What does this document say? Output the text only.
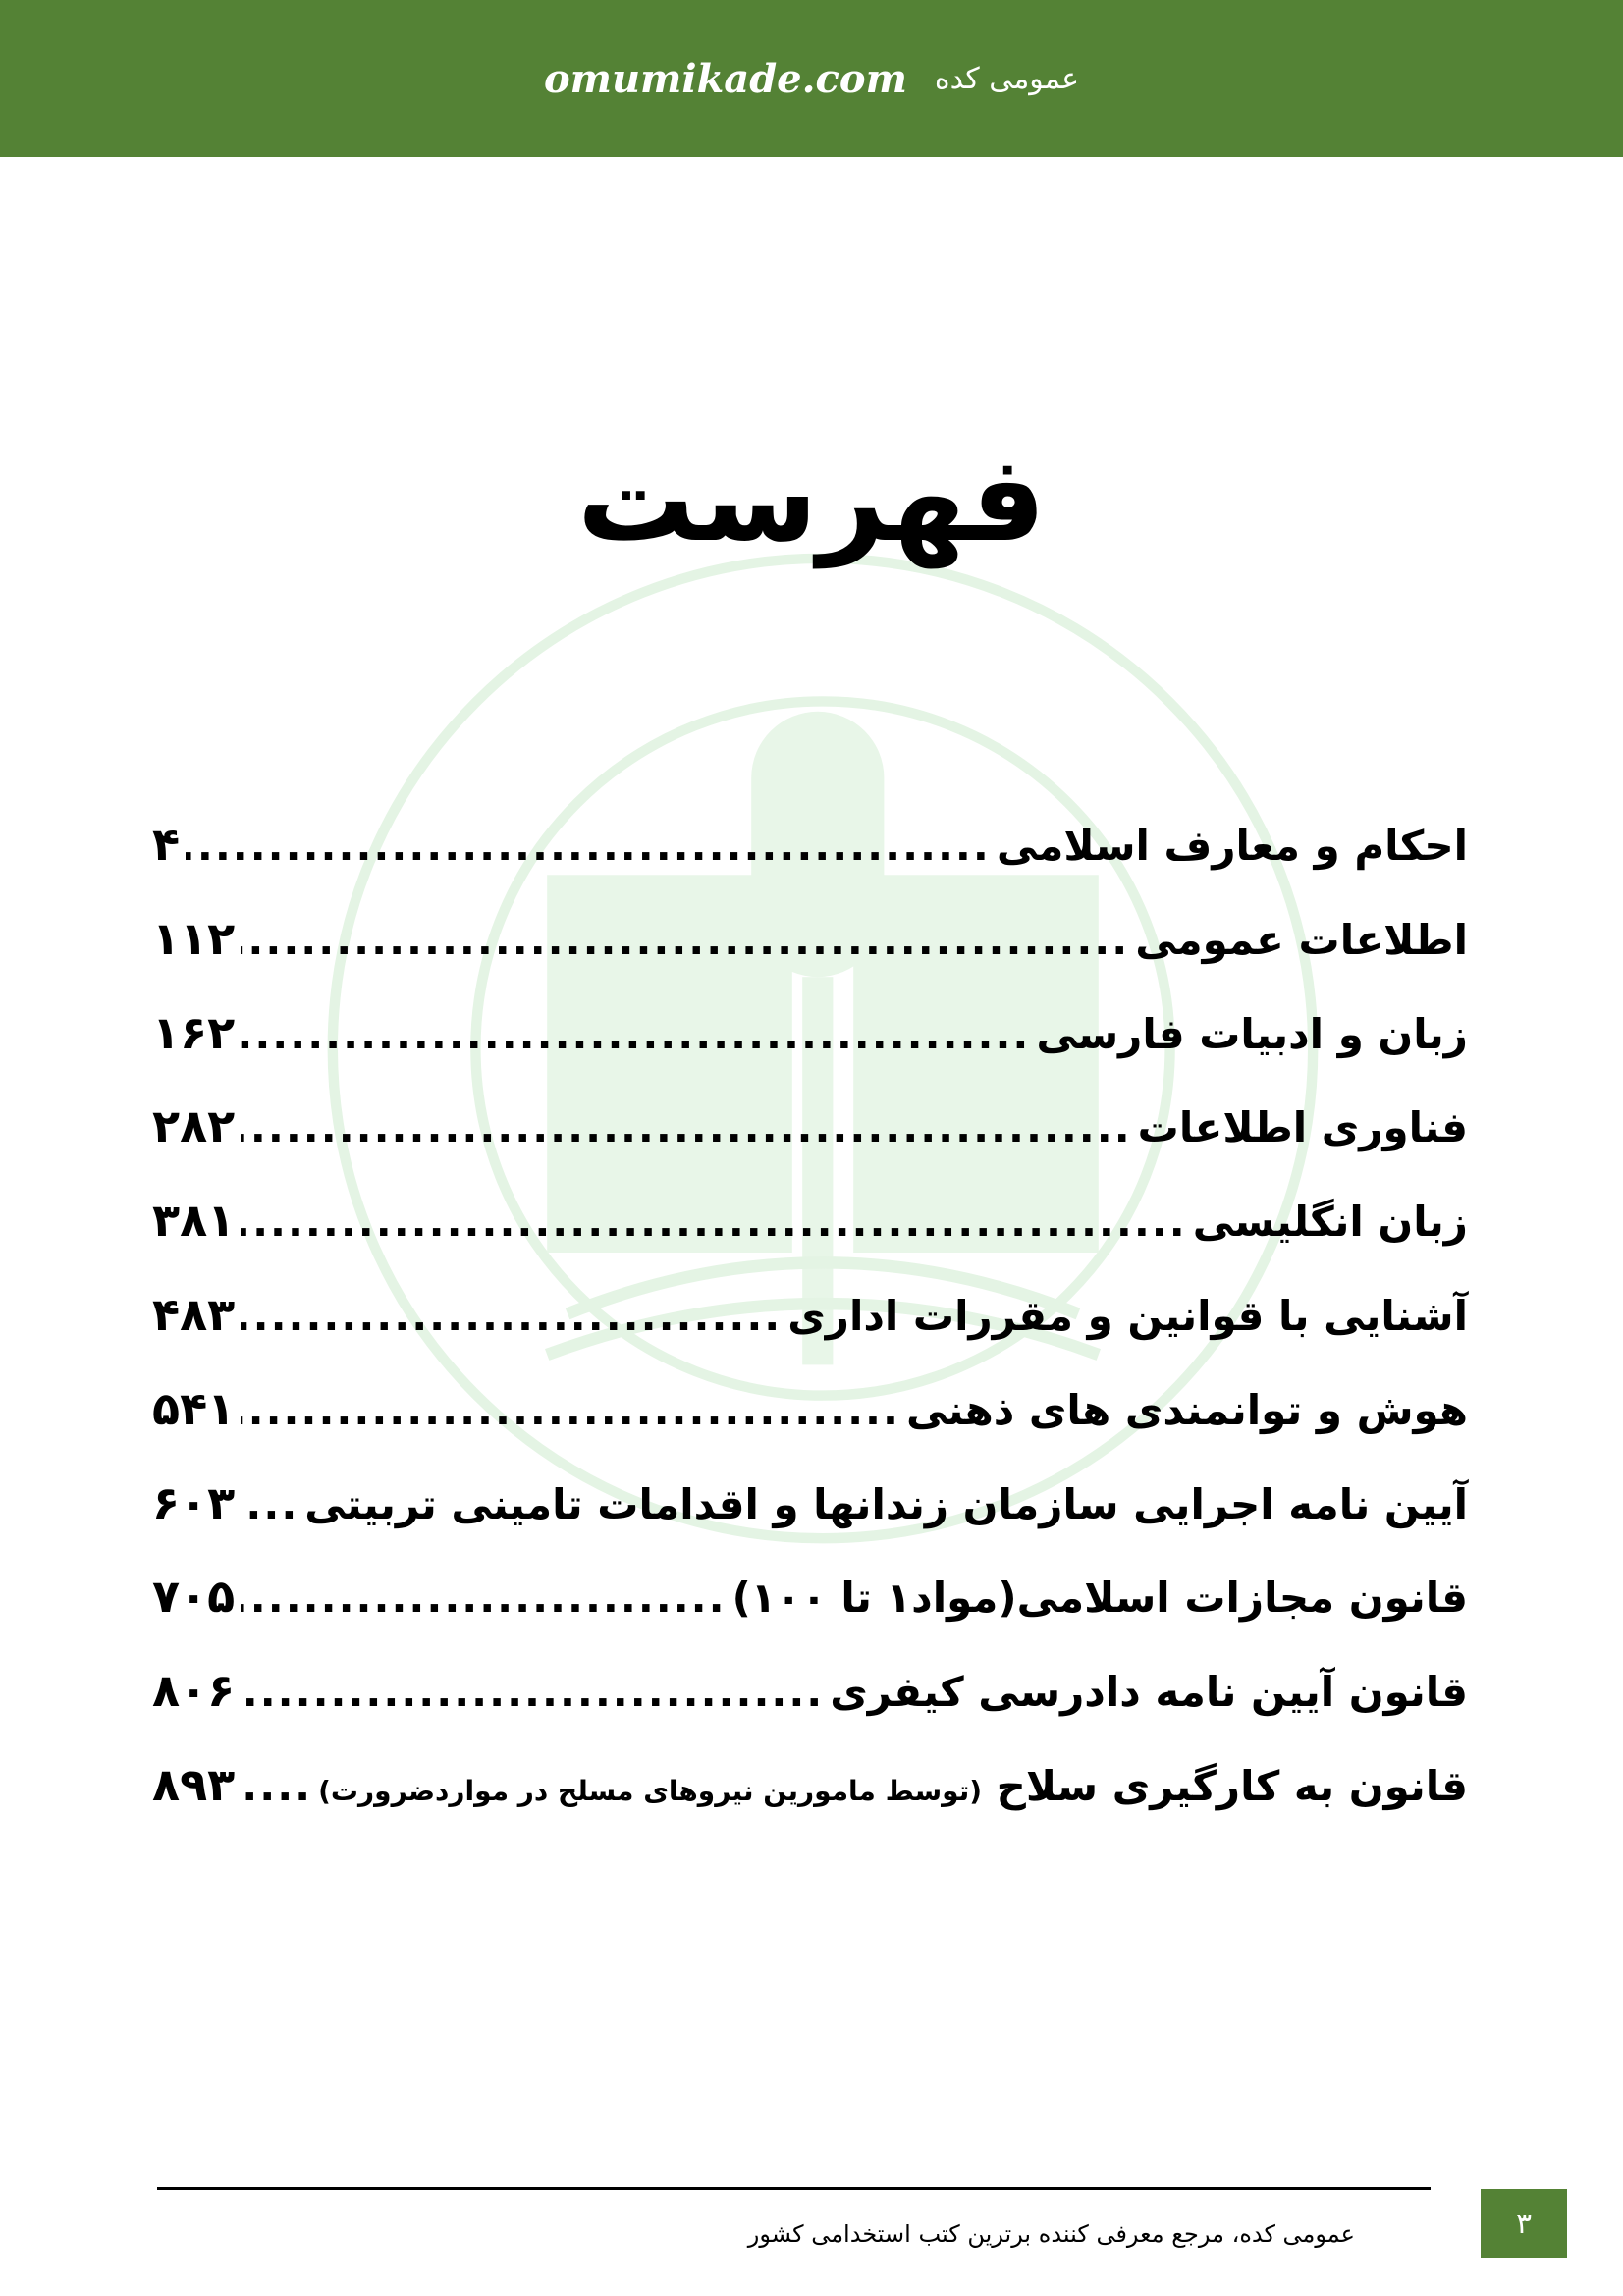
omumikade.com عمومی کده
فهرست
احکام و معارف اسلامی
.....
۴
اطلاعات عمومی
.....
۱۱۲
زبان و ادبیات فارسی
.....
۱۶۲
فناوری اطلاعات
.....
۲۸۲
زبان انگلیسی
.....
۳۸۱
آشنایی با قوانین و مقررات اداری
.....
۴۸۳
هوش و توانمندی های ذهنی
.....
۵۴۱
آیین نامه اجرایی سازمان زندانها و اقدامات تامینی تربیتی
.....
۶۰۳
قانون مجازات اسلامی(مواد۱ تا ۱۰۰)
.....
۷۰۵
قانون آیین نامه دادرسی کیفری
.....
۸۰۶
قانون به کارگیری سلاح (توسط مامورین نیروهای مسلح در مواردضرورت)
.....
۸۹۳
عمومی کده، مرجع معرفی کننده برترین کتب استخدامی کشور	۳
